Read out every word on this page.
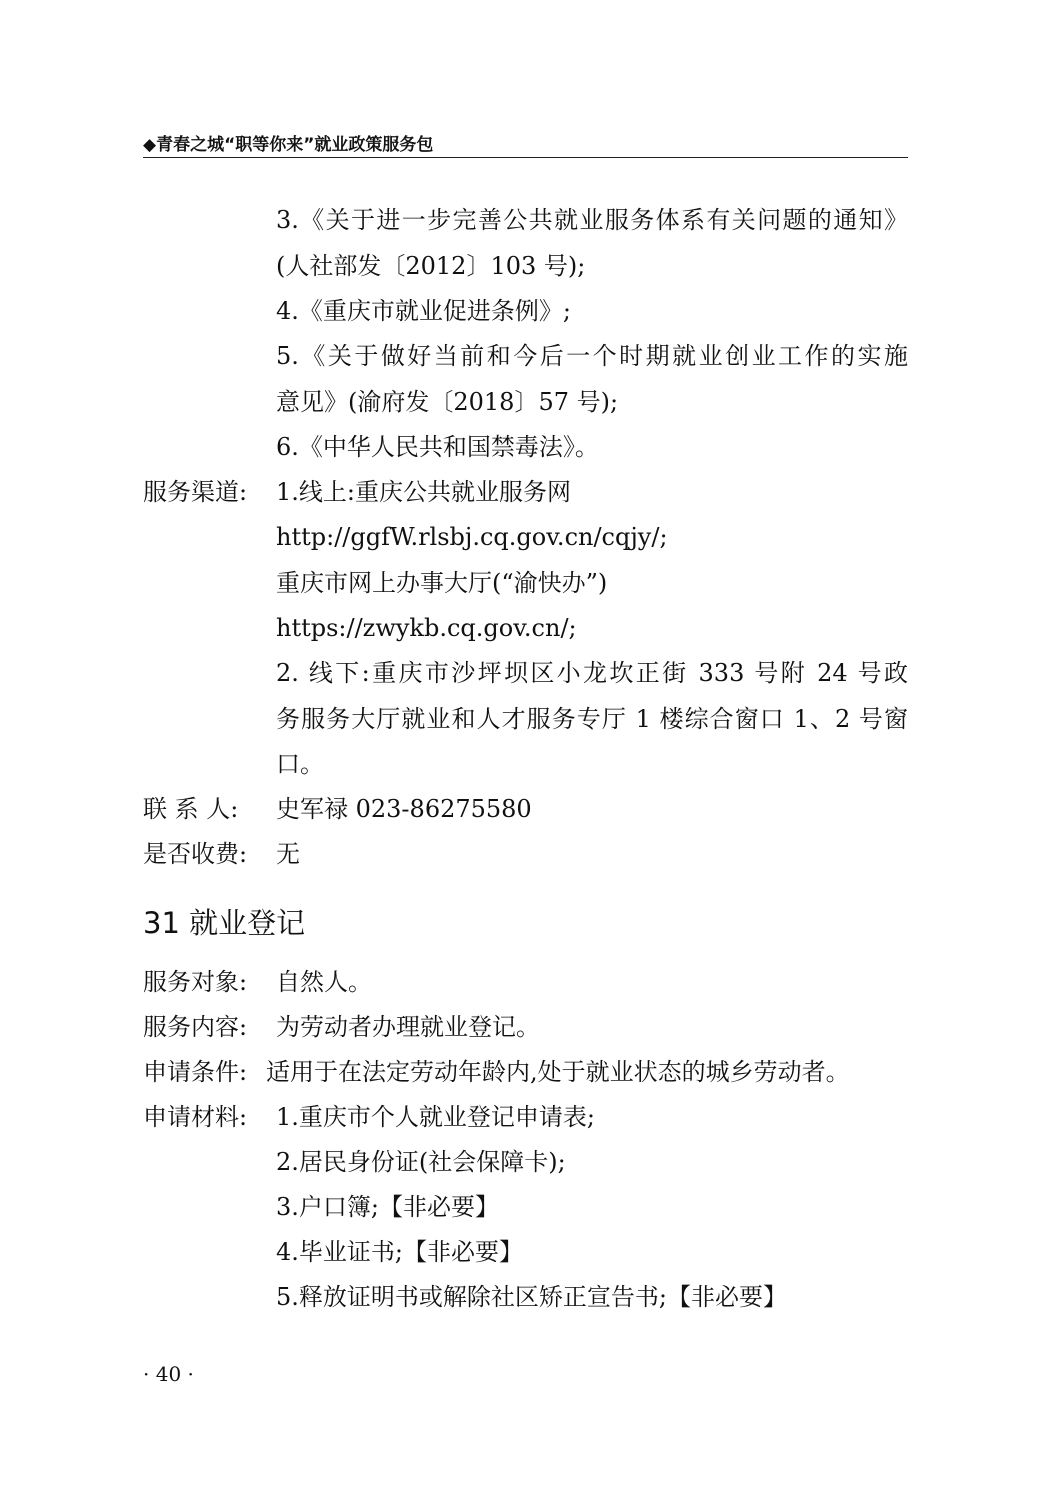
◆青春之城“职等你来”就业政策服务包
3.《关于进一步完善公共就业服务体系有关问题的通知》
(人社部发〔2012〕103 号);
4.《重庆市就业促进条例》;
5.《关于做好当前和今后一个时期就业创业工作的实施
意见》(渝府发〔2018〕57 号);
6.《中华人民共和国禁毒法》。
服务渠道: 1.线上:重庆公共就业服务网
http://ggfW.rlsbj.cq.gov.cn/cqjy/;
重庆市网上办事大厅(“渝快办”)
https://zwykb.cq.gov.cn/;
2. 线下:重庆市沙坪坝区小龙坎正街 333 号附 24 号政
务服务大厅就业和人才服务专厅 1 楼综合窗口 1、2 号窗
口。
联 系 人: 史军禄 023-86275580
是否收费: 无
31 就业登记
服务对象: 自然人。
服务内容: 为劳动者办理就业登记。
申请条件: 适用于在法定劳动年龄内,处于就业状态的城乡劳动者。
申请材料: 1.重庆市个人就业登记申请表;
2.居民身份证(社会保障卡);
3.户口簿;【非必要】
4.毕业证书;【非必要】
5.释放证明书或解除社区矫正宣告书;【非必要】
· 40 ·
